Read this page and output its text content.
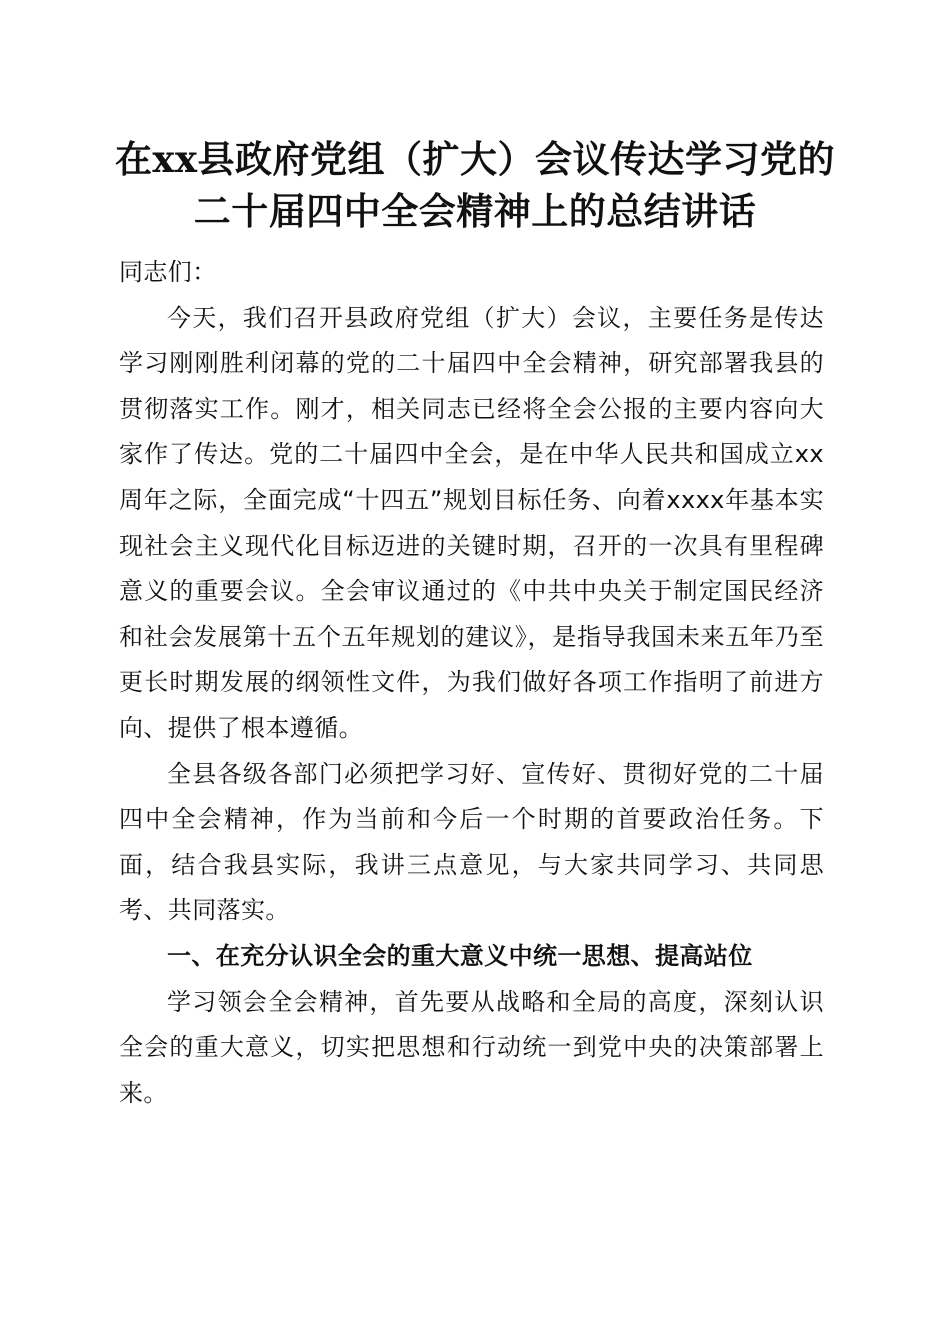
在xx县政府党组（扩大）会议传达学习党的
二十届四中全会精神上的总结讲话

同志们：

今天，我们召开县政府党组（扩大）会议，主要任务是传达学习刚刚胜利闭幕的党的二十届四中全会精神，研究部署我县的贯彻落实工作。刚才，相关同志已经将全会公报的主要内容向大家作了传达。党的二十届四中全会，是在中华人民共和国成立xx周年之际，全面完成“十四五”规划目标任务、向着xxxx年基本实现社会主义现代化目标迈进的关键时期，召开的一次具有里程碑意义的重要会议。全会审议通过的《中共中央关于制定国民经济和社会发展第十五个五年规划的建议》，是指导我国未来五年乃至更长时期发展的纲领性文件，为我们做好各项工作指明了前进方向、提供了根本遵循。

全县各级各部门必须把学习好、宣传好、贯彻好党的二十届四中全会精神，作为当前和今后一个时期的首要政治任务。下面，结合我县实际，我讲三点意见，与大家共同学习、共同思考、共同落实。

一、在充分认识全会的重大意义中统一思想、提高站位

学习领会全会精神，首先要从战略和全局的高度，深刻认识全会的重大意义，切实把思想和行动统一到党中央的决策部署上来。
